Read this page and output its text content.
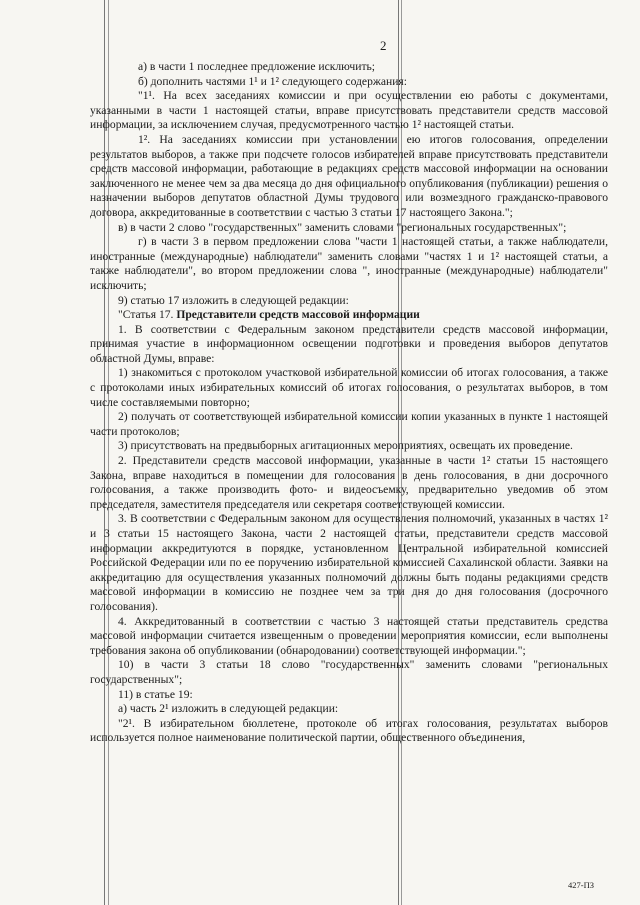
2

а) в части 1 последнее предложение исключить;

б) дополнить частями 1¹ и 1² следующего содержания:

"1¹. На всех заседаниях комиссии и при осуществлении ею работы с документами, указанными в части 1 настоящей статьи, вправе присутствовать представители средств массовой информации, за исключением случая, предусмотренного частью 1² настоящей статьи.

1². На заседаниях комиссии при установлении ею итогов голосования, определении результатов выборов, а также при подсчете голосов избирателей вправе присутствовать представители средств массовой информации, работающие в редакциях средств массовой информации на основании заключенного не менее чем за два месяца до дня официального опубликования (публикации) решения о назначении выборов депутатов областной Думы трудового или возмездного гражданско-правового договора, аккредитованные в соответствии с частью 3 статьи 17 настоящего Закона.";

в) в части 2 слово "государственных" заменить словами "региональных государственных";

г) в части 3 в первом предложении слова "части 1 настоящей статьи, а также наблюдатели, иностранные (международные) наблюдатели" заменить словами "частях 1 и 1² настоящей статьи, а также наблюдатели", во втором предложении слова ", иностранные (международные) наблюдатели" исключить;

9) статью 17 изложить в следующей редакции:

"Статья 17. Представители средств массовой информации

1. В соответствии с Федеральным законом представители средств массовой информации, принимая участие в информационном освещении подготовки и проведения выборов депутатов областной Думы, вправе:

1) знакомиться с протоколом участковой избирательной комиссии об итогах голосования, а также с протоколами иных избирательных комиссий об итогах голосования, о результатах выборов, в том числе составляемыми повторно;

2) получать от соответствующей избирательной комиссии копии указанных в пункте 1 настоящей части протоколов;

3) присутствовать на предвыборных агитационных мероприятиях, освещать их проведение.

2. Представители средств массовой информации, указанные в части 1² статьи 15 настоящего Закона, вправе находиться в помещении для голосования в день голосования, в дни досрочного голосования, а также производить фото- и видеосъемку, предварительно уведомив об этом председателя, заместителя председателя или секретаря соответствующей комиссии.

3. В соответствии с Федеральным законом для осуществления полномочий, указанных в частях 1² и 3 статьи 15 настоящего Закона, части 2 настоящей статьи, представители средств массовой информации аккредитуются в порядке, установленном Центральной избирательной комиссией Российской Федерации или по ее поручению избирательной комиссией Сахалинской области. Заявки на аккредитацию для осуществления указанных полномочий должны быть поданы редакциями средств массовой информации в комиссию не позднее чем за три дня до дня голосования (досрочного голосования).

4. Аккредитованный в соответствии с частью 3 настоящей статьи представитель средства массовой информации считается извещенным о проведении мероприятия комиссии, если выполнены требования закона об опубликовании (обнародовании) соответствующей информации.";

10) в части 3 статьи 18 слово "государственных" заменить словами "региональных государственных";

11) в статье 19:

а) часть 2¹ изложить в следующей редакции:

"2¹. В избирательном бюллетене, протоколе об итогах голосования, результатах выборов используется полное наименование политической партии, общественного объединения,

427-ПЗ
